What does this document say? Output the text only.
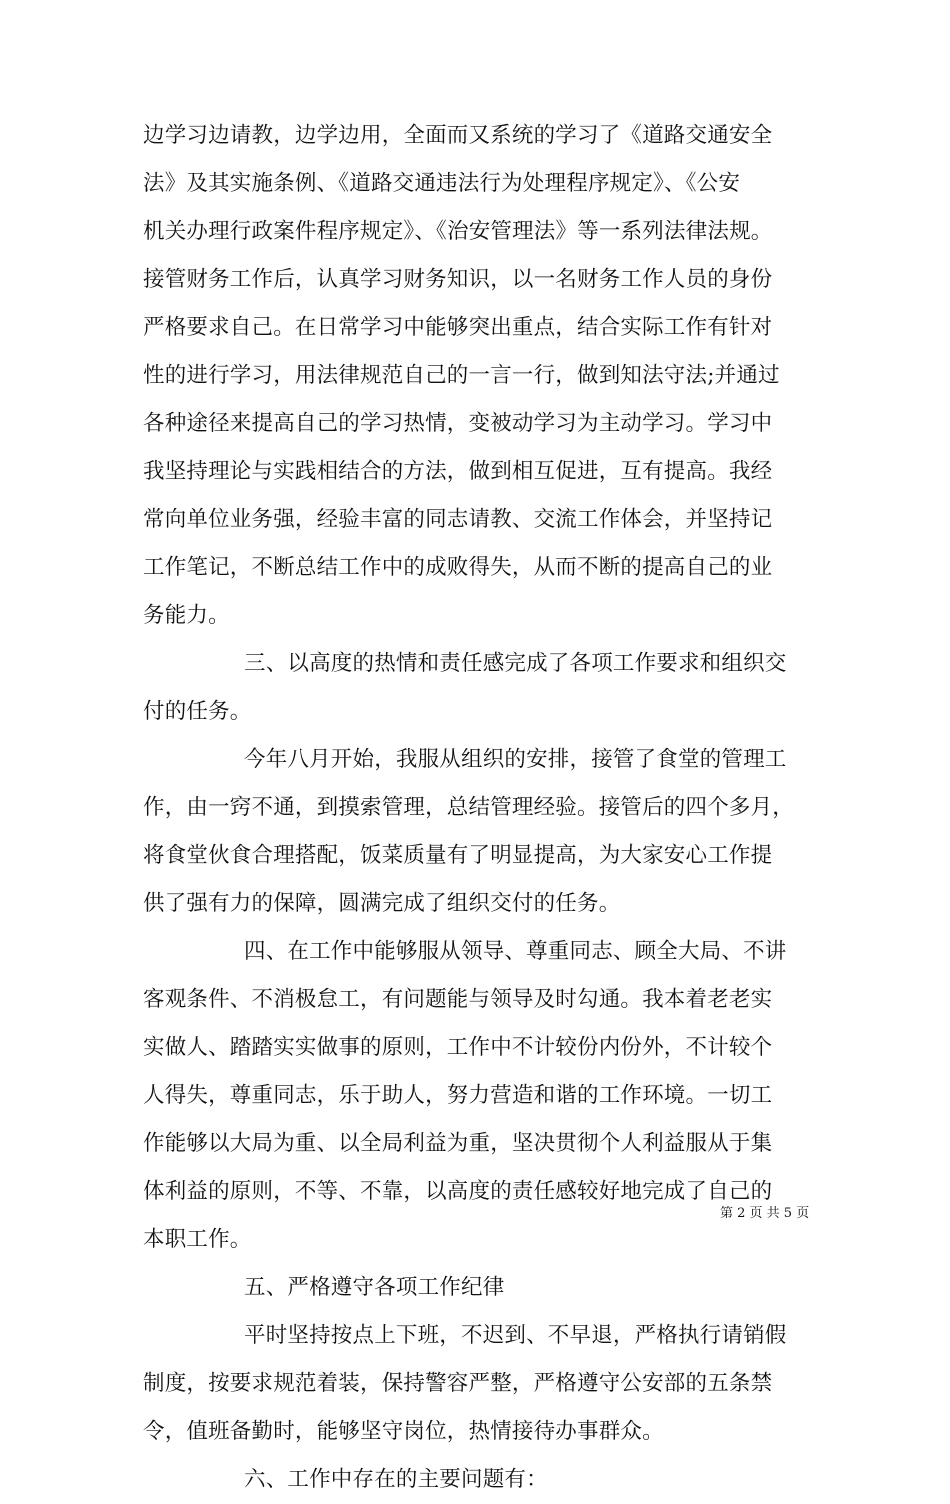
边学习边请教，边学边用，全面而又系统的学习了《道路交通安全
法》及其实施条例、《道路交通违法行为处理程序规定》、《公安
机关办理行政案件程序规定》、《治安管理法》等一系列法律法规。
接管财务工作后，认真学习财务知识，以一名财务工作人员的身份
严格要求自己。在日常学习中能够突出重点，结合实际工作有针对
性的进行学习，用法律规范自己的一言一行，做到知法守法;并通过
各种途径来提高自己的学习热情，变被动学习为主动学习。学习中
我坚持理论与实践相结合的方法，做到相互促进，互有提高。我经
常向单位业务强，经验丰富的同志请教、交流工作体会，并坚持记
工作笔记，不断总结工作中的成败得失，从而不断的提高自己的业
务能力。
三、以高度的热情和责任感完成了各项工作要求和组织交
付的任务。
今年八月开始，我服从组织的安排，接管了食堂的管理工
作，由一窍不通，到摸索管理，总结管理经验。接管后的四个多月，
将食堂伙食合理搭配，饭菜质量有了明显提高，为大家安心工作提
供了强有力的保障，圆满完成了组织交付的任务。
四、在工作中能够服从领导、尊重同志、顾全大局、不讲
客观条件、不消极怠工，有问题能与领导及时勾通。我本着老老实
实做人、踏踏实实做事的原则，工作中不计较份内份外，不计较个
人得失，尊重同志，乐于助人，努力营造和谐的工作环境。一切工
作能够以大局为重、以全局利益为重，坚决贯彻个人利益服从于集
体利益的原则，不等、不靠，以高度的责任感较好地完成了自己的
本职工作。
五、严格遵守各项工作纪律
平时坚持按点上下班，不迟到、不早退，严格执行请销假
制度，按要求规范着装，保持警容严整，严格遵守公安部的五条禁
令，值班备勤时，能够坚守岗位，热情接待办事群众。
六、工作中存在的主要问题有：
第 2 页 共 5 页
